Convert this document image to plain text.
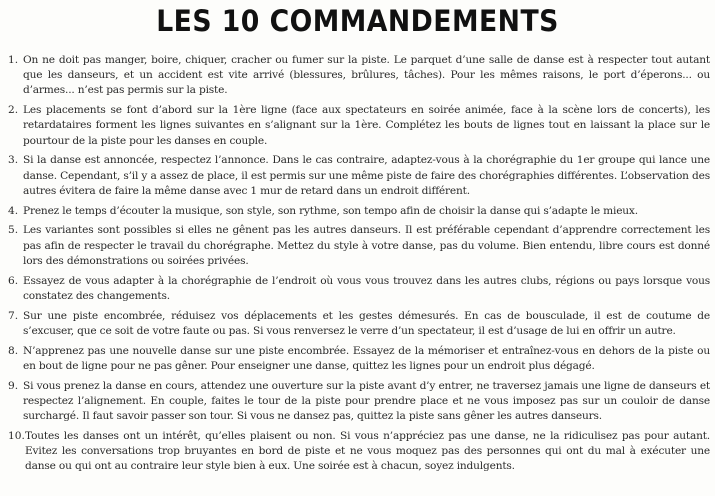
LES 10 COMMANDEMENTS
1. On ne doit pas manger, boire, chiquer, cracher ou fumer sur la piste. Le parquet d’une salle de danse est à respecter tout autant que les danseurs, et un accident est vite arrivé (blessures, brûlures, tâches). Pour les mêmes raisons, le port d’éperons... ou d’armes... n’est pas permis sur la piste.
2. Les placements se font d’abord sur la 1ère ligne (face aux spectateurs en soirée animée, face à la scène lors de concerts), les retardataires forment les lignes suivantes en s’alignant sur la 1ère. Complétez les bouts de lignes tout en laissant la place sur le pourtour de la piste pour les danses en couple.
3. Si la danse est annoncée, respectez l’annonce. Dans le cas contraire, adaptez-vous à la chorégraphie du 1er groupe qui lance une danse. Cependant, s’il y a assez de place, il est permis sur une même piste de faire des chorégraphies différentes. L’observation des autres évitera de faire la même danse avec 1 mur de retard dans un endroit différent.
4. Prenez le temps d’écouter la musique, son style, son rythme, son tempo afin de choisir la danse qui s’adapte le mieux.
5. Les variantes sont possibles si elles ne gênent pas les autres danseurs. Il est préférable cependant d’apprendre correctement les pas afin de respecter le travail du chorégraphe. Mettez du style à votre danse, pas du volume. Bien entendu, libre cours est donné lors des démonstrations ou soirées privées.
6. Essayez de vous adapter à la chorégraphie de l’endroit où vous vous trouvez dans les autres clubs, régions ou pays lorsque vous constatez des changements.
7. Sur une piste encombrée, réduisez vos déplacements et les gestes démesurés. En cas de bousculade, il est de coutume de s’excuser, que ce soit de votre faute ou pas. Si vous renversez le verre d’un spectateur, il est d’usage de lui en offrir un autre.
8. N’apprenez pas une nouvelle danse sur une piste encombrée. Essayez de la mémoriser et entraînez-vous en dehors de la piste ou en bout de ligne pour ne pas gêner. Pour enseigner une danse, quittez les lignes pour un endroit plus dégagé.
9. Si vous prenez la danse en cours, attendez une ouverture sur la piste avant d’y entrer, ne traversez jamais une ligne de danseurs et respectez l’alignement. En couple, faites le tour de la piste pour prendre place et ne vous imposez pas sur un couloir de danse surchargé. Il faut savoir passer son tour. Si vous ne dansez pas, quittez la piste sans gêner les autres danseurs.
10. Toutes les danses ont un intérêt, qu’elles plaisent ou non. Si vous n’appréciez pas une danse, ne la ridiculisez pas pour autant. Evitez les conversations trop bruyantes en bord de piste et ne vous moquez pas des personnes qui ont du mal à exécuter une danse ou qui ont au contraire leur style bien à eux. Une soirée est à chacun, soyez indulgents.
